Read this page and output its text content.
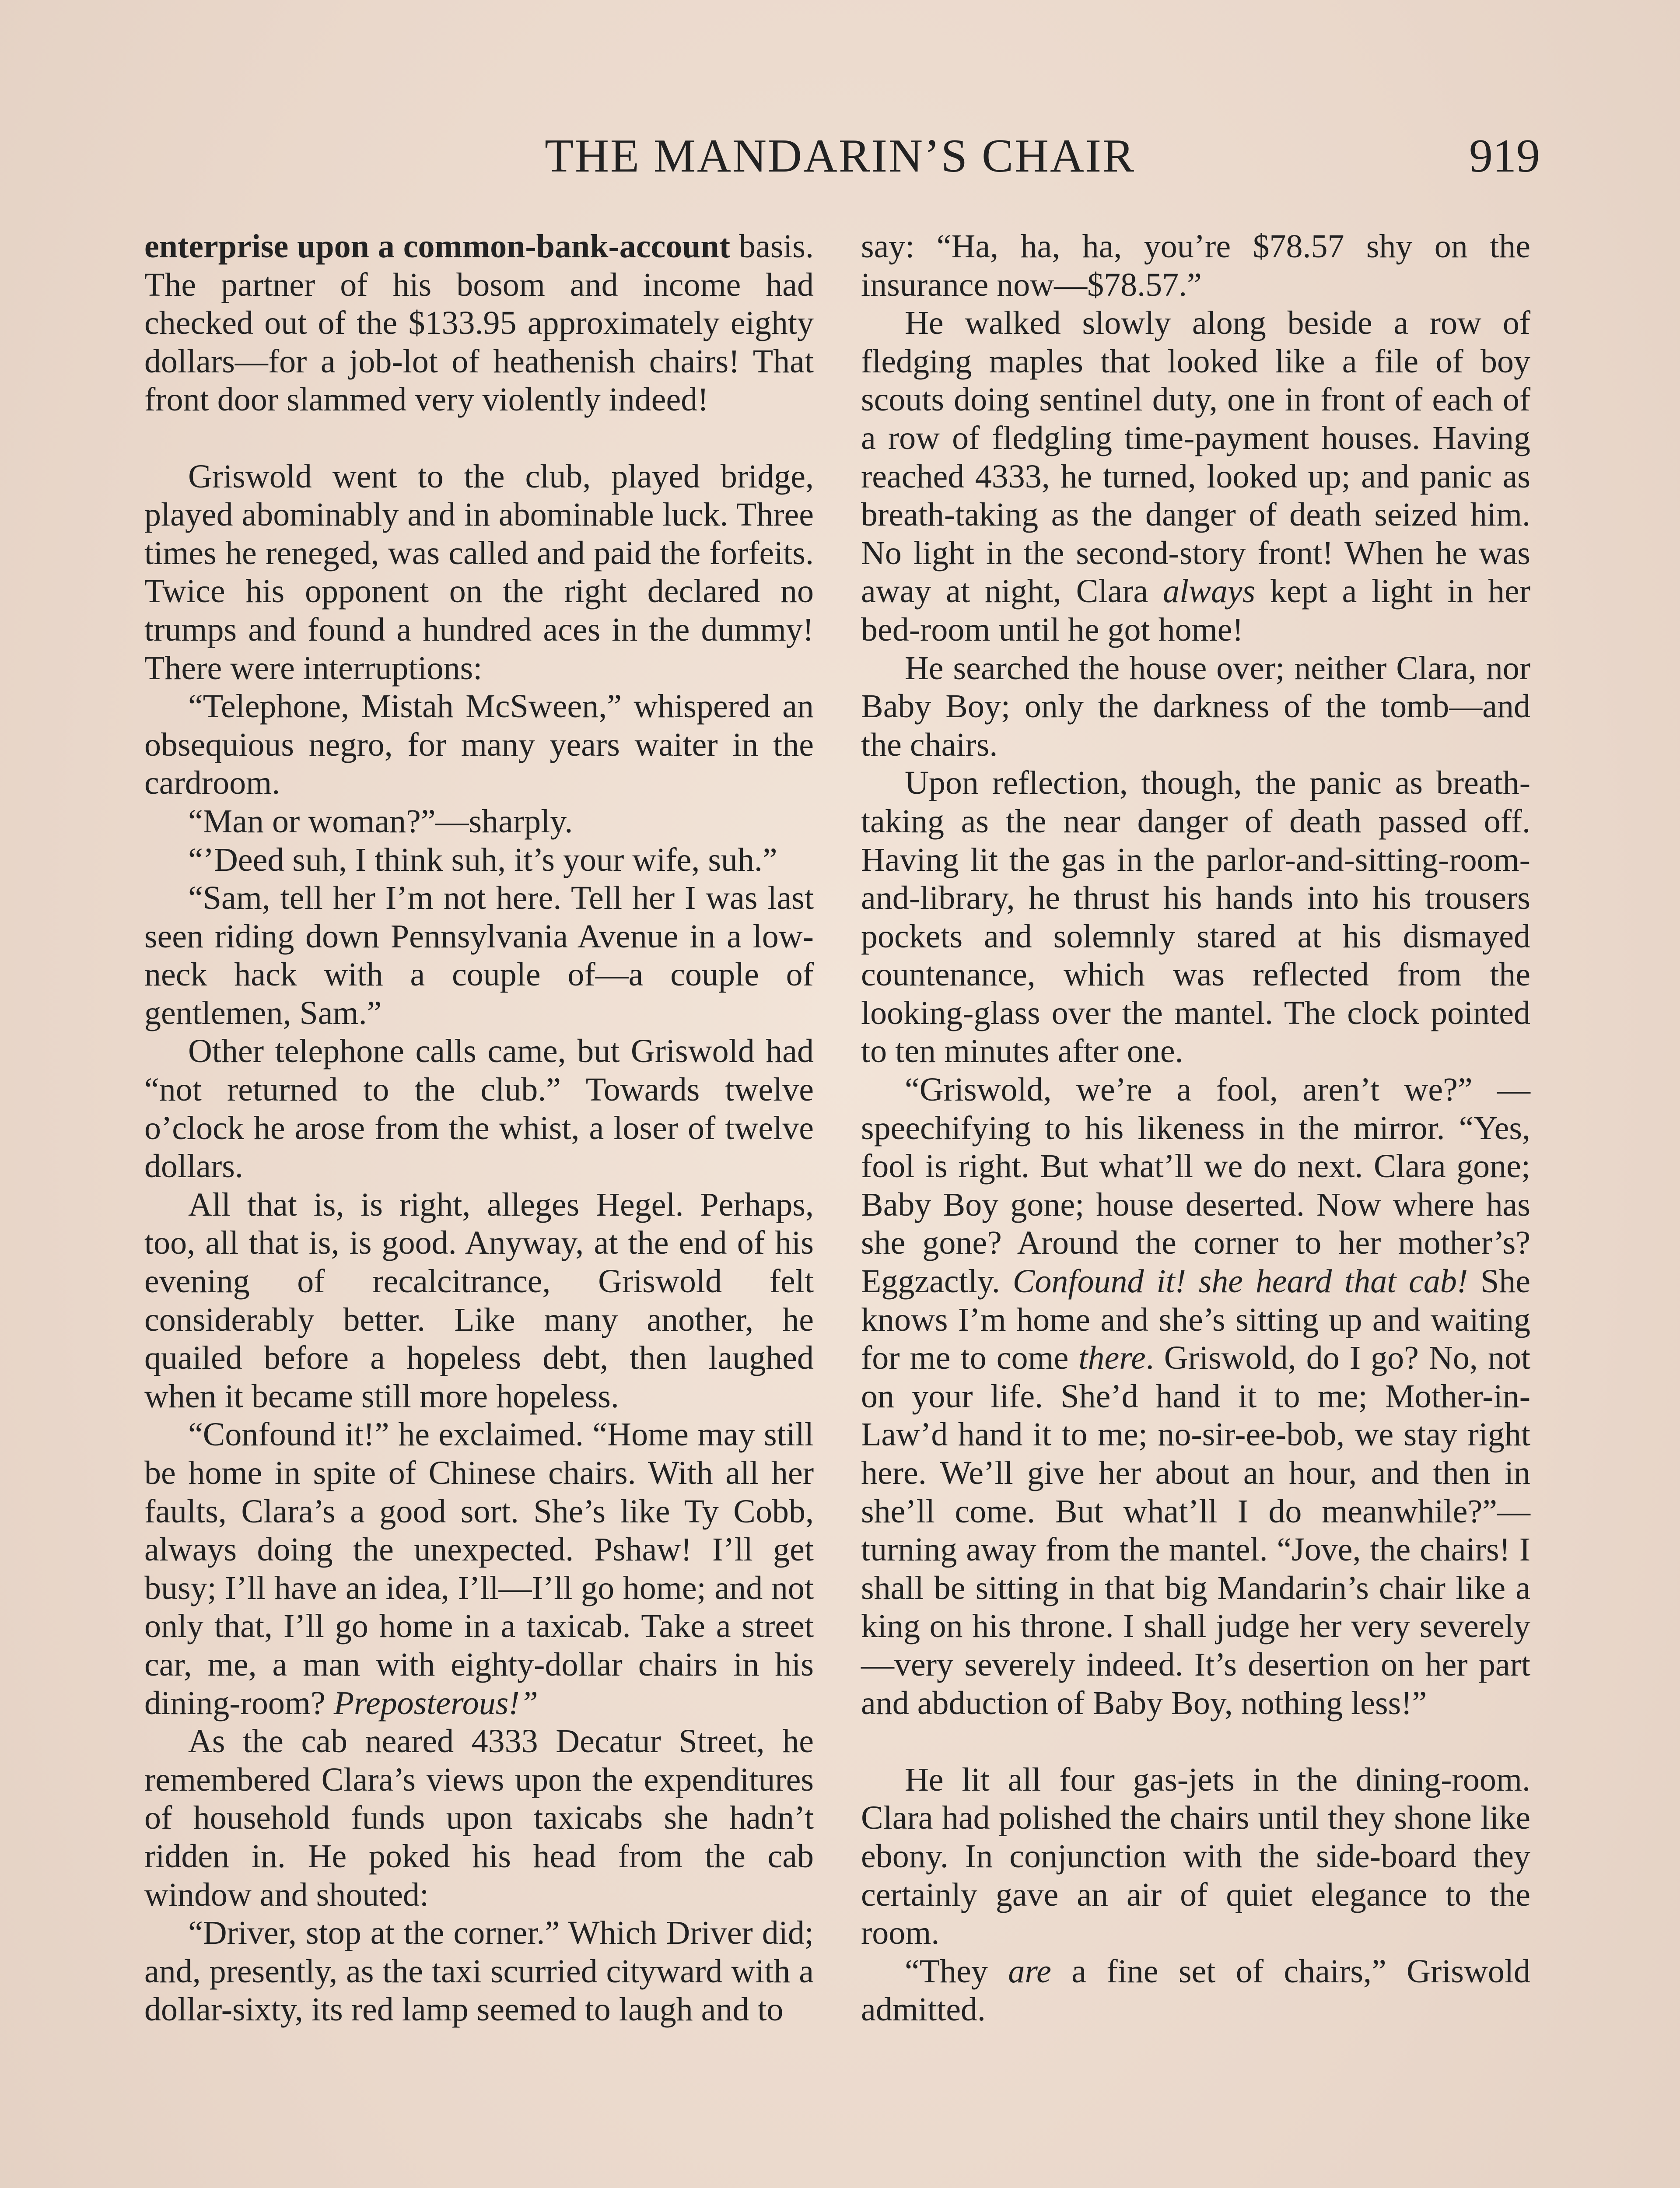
THE MANDARIN’S CHAIR	919

enterprise upon a common-bank-account basis. The partner of his bosom and income had checked out of the $133.95 approximately eighty dollars—for a job-lot of heathenish chairs! That front door slammed very violently indeed!

Griswold went to the club, played bridge, played abominably and in abominable luck. Three times he reneged, was called and paid the forfeits. Twice his opponent on the right declared no trumps and found a hundred aces in the dummy! There were interruptions:

“Telephone, Mistah McSween,” whispered an obsequious negro, for many years waiter in the cardroom.

“Man or woman?”—sharply.

“’Deed suh, I think suh, it’s your wife, suh.”

“Sam, tell her I’m not here. Tell her I was last seen riding down Pennsylvania Avenue in a low-neck hack with a couple of—a couple of gentlemen, Sam.”

Other telephone calls came, but Griswold had “not returned to the club.” Towards twelve o’clock he arose from the whist, a loser of twelve dollars.

All that is, is right, alleges Hegel. Perhaps, too, all that is, is good. Anyway, at the end of his evening of recalcitrance, Griswold felt considerably better. Like many another, he quailed before a hopeless debt, then laughed when it became still more hopeless.

“Confound it!” he exclaimed. “Home may still be home in spite of Chinese chairs. With all her faults, Clara’s a good sort. She’s like Ty Cobb, always doing the unexpected. Pshaw! I’ll get busy; I’ll have an idea, I’ll—I’ll go home; and not only that, I’ll go home in a taxicab. Take a street car, me, a man with eighty-dollar chairs in his dining-room? Preposterous!”

As the cab neared 4333 Decatur Street, he remembered Clara’s views upon the expenditures of household funds upon taxicabs she hadn’t ridden in. He poked his head from the cab window and shouted:

“Driver, stop at the corner.” Which Driver did; and, presently, as the taxi scurried cityward with a dollar-sixty, its red lamp seemed to laugh and to

say: “Ha, ha, ha, you’re $78.57 shy on the insurance now—$78.57.”

He walked slowly along beside a row of fledging maples that looked like a file of boy scouts doing sentinel duty, one in front of each of a row of fledgling time-payment houses. Having reached 4333, he turned, looked up; and panic as breath-taking as the danger of death seized him. No light in the second-story front! When he was away at night, Clara always kept a light in her bed-room until he got home!

He searched the house over; neither Clara, nor Baby Boy; only the darkness of the tomb—and the chairs.

Upon reflection, though, the panic as breath-taking as the near danger of death passed off. Having lit the gas in the parlor-and-sitting-room-and-library, he thrust his hands into his trousers pockets and solemnly stared at his dismayed countenance, which was reflected from the looking-glass over the mantel. The clock pointed to ten minutes after one.

“Griswold, we’re a fool, aren’t we?” —speechifying to his likeness in the mirror. “Yes, fool is right. But what’ll we do next. Clara gone; Baby Boy gone; house deserted. Now where has she gone? Around the corner to her mother’s? Eggzactly. Confound it! she heard that cab! She knows I’m home and she’s sitting up and waiting for me to come there. Griswold, do I go? No, not on your life. She’d hand it to me; Mother-in-Law’d hand it to me; no-sir-ee-bob, we stay right here. We’ll give her about an hour, and then in she’ll come. But what’ll I do meanwhile?”—turning away from the mantel. “Jove, the chairs! I shall be sitting in that big Mandarin’s chair like a king on his throne. I shall judge her very severely—very severely indeed. It’s desertion on her part and abduction of Baby Boy, nothing less!”

He lit all four gas-jets in the dining-room. Clara had polished the chairs until they shone like ebony. In conjunction with the side-board they certainly gave an air of quiet elegance to the room.

“They are a fine set of chairs,” Griswold admitted.
